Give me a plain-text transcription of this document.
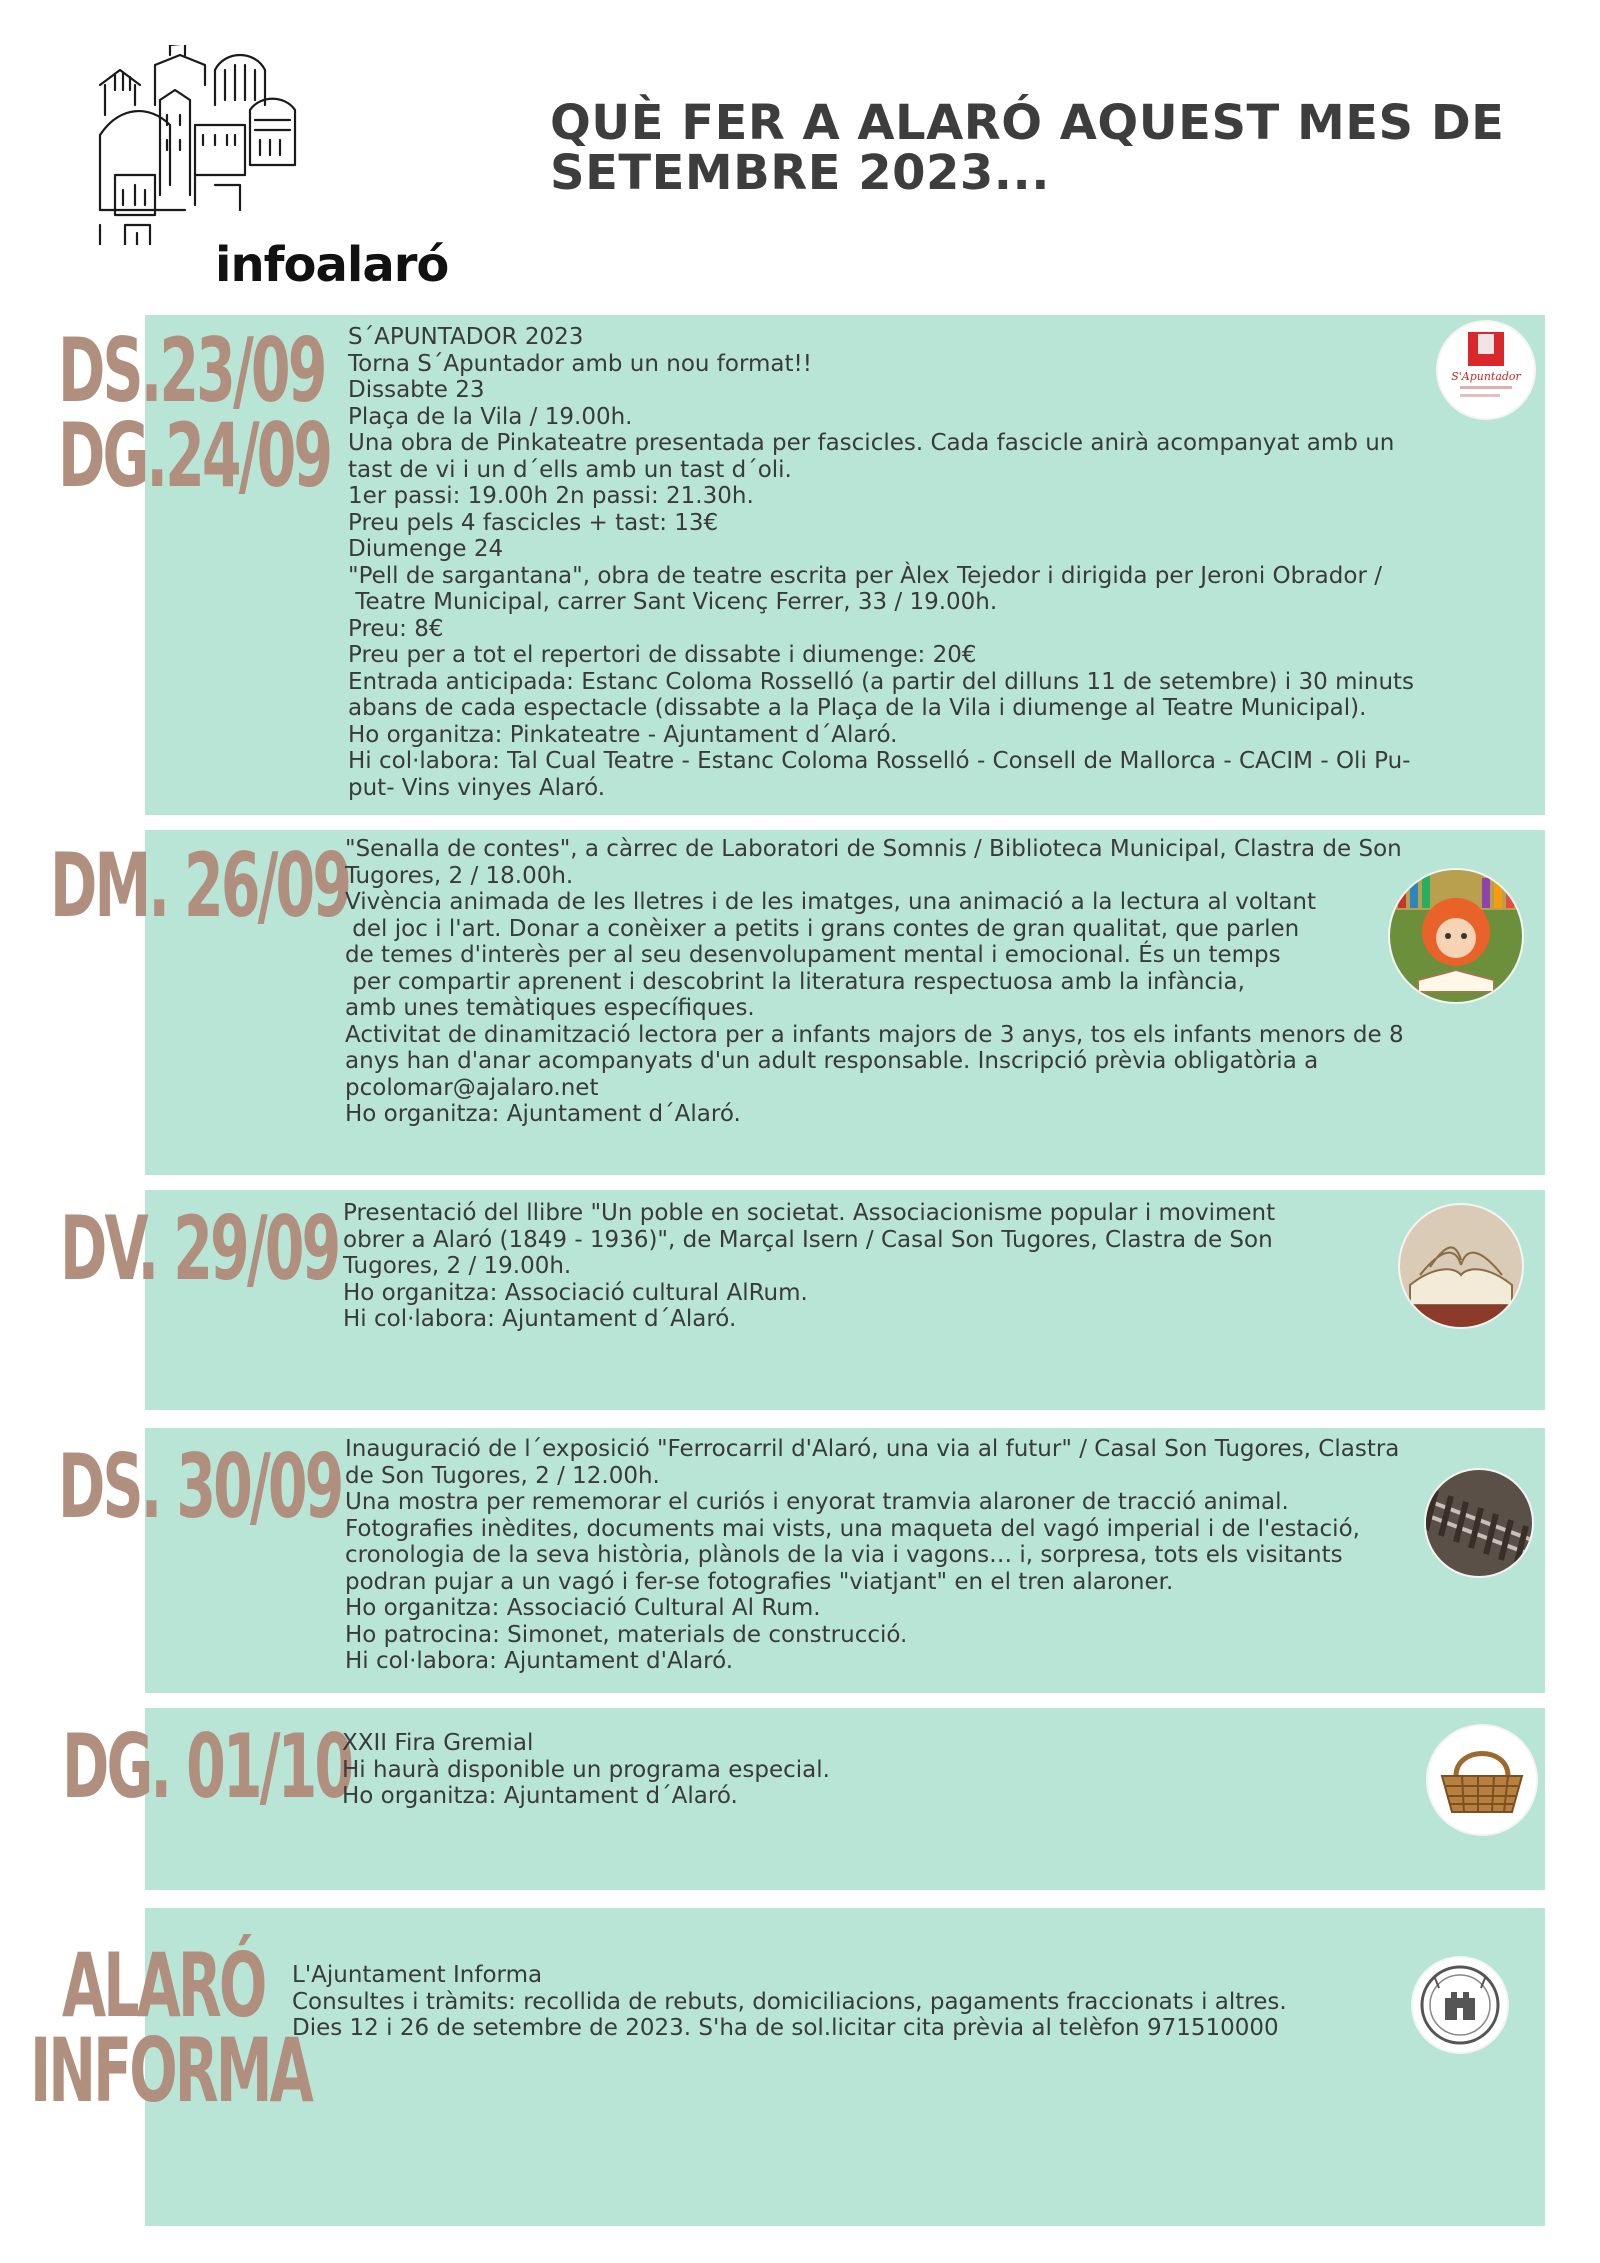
infoalaró
QUÈ FER A ALARÓ AQUEST MES DE
SETEMBRE 2023...
DS.23/09
DG.24/09
S´APUNTADOR 2023
Torna S´Apuntador amb un nou format!!
Dissabte 23
Plaça de la Vila / 19.00h.
Una obra de Pinkateatre presentada per fascicles. Cada fascicle anirà acompanyat amb un
tast de vi i un d´ells amb un tast d´oli.
1er passi: 19.00h 2n passi: 21.30h.
Preu pels 4 fascicles + tast: 13€
Diumenge 24
"Pell de sargantana", obra de teatre escrita per Àlex Tejedor i dirigida per Jeroni Obrador /
Teatre Municipal, carrer Sant Vicenç Ferrer, 33 / 19.00h.
Preu: 8€
Preu per a tot el repertori de dissabte i diumenge: 20€
Entrada anticipada: Estanc Coloma Rosselló (a partir del dilluns 11 de setembre) i 30 minuts
abans de cada espectacle (dissabte a la Plaça de la Vila i diumenge al Teatre Municipal).
Ho organitza: Pinkateatre - Ajuntament d´Alaró.
Hi col·labora: Tal Cual Teatre - Estanc Coloma Rosselló - Consell de Mallorca - CACIM - Oli Pu-
put- Vins vinyes Alaró.
S'Apuntador
DM. 26/09
"Senalla de contes", a càrrec de Laboratori de Somnis / Biblioteca Municipal, Clastra de Son
Tugores, 2 / 18.00h.
Vivència animada de les lletres i de les imatges, una animació a la lectura al voltant
del joc i l'art. Donar a conèixer a petits i grans contes de gran qualitat, que parlen
de temes d'interès per al seu desenvolupament mental i emocional. És un temps
per compartir aprenent i descobrint la literatura respectuosa amb la infància,
amb unes temàtiques específiques.
Activitat de dinamització lectora per a infants majors de 3 anys, tos els infants menors de 8
anys han d'anar acompanyats d'un adult responsable. Inscripció prèvia obligatòria a
pcolomar@ajalaro.net
Ho organitza: Ajuntament d´Alaró.
DV. 29/09 Presentació del llibre "Un poble en societat. Associacionisme popular i moviment
obrer a Alaró (1849 - 1936)", de Marçal Isern / Casal Son Tugores, Clastra de Son
Tugores, 2 / 19.00h.
Ho organitza: Associació cultural AlRum.
Hi col·labora: Ajuntament d´Alaró.
DS. 30/09 Inauguració de l´exposició "Ferrocarril d'Alaró, una via al futur" / Casal Son Tugores, Clastra
de Son Tugores, 2 / 12.00h.
Una mostra per rememorar el curiós i enyorat tramvia alaroner de tracció animal.
Fotografies inèdites, documents mai vists, una maqueta del vagó imperial i de l'estació,
cronologia de la seva història, plànols de la via i vagons… i, sorpresa, tots els visitants
podran pujar a un vagó i fer-se fotografies "viatjant" en el tren alaroner.
Ho organitza: Associació Cultural Al Rum.
Ho patrocina: Simonet, materials de construcció.
Hi col·labora: Ajuntament d'Alaró.
DG. 01/10
XXII Fira Gremial
Hi haurà disponible un programa especial.
Ho organitza: Ajuntament d´Alaró.
ALARÓ
INFORMA
L'Ajuntament Informa
Consultes i tràmits: recollida de rebuts, domiciliacions, pagaments fraccionats i altres.
Dies 12 i 26 de setembre de 2023. S'ha de sol.licitar cita prèvia al telèfon 971510000
